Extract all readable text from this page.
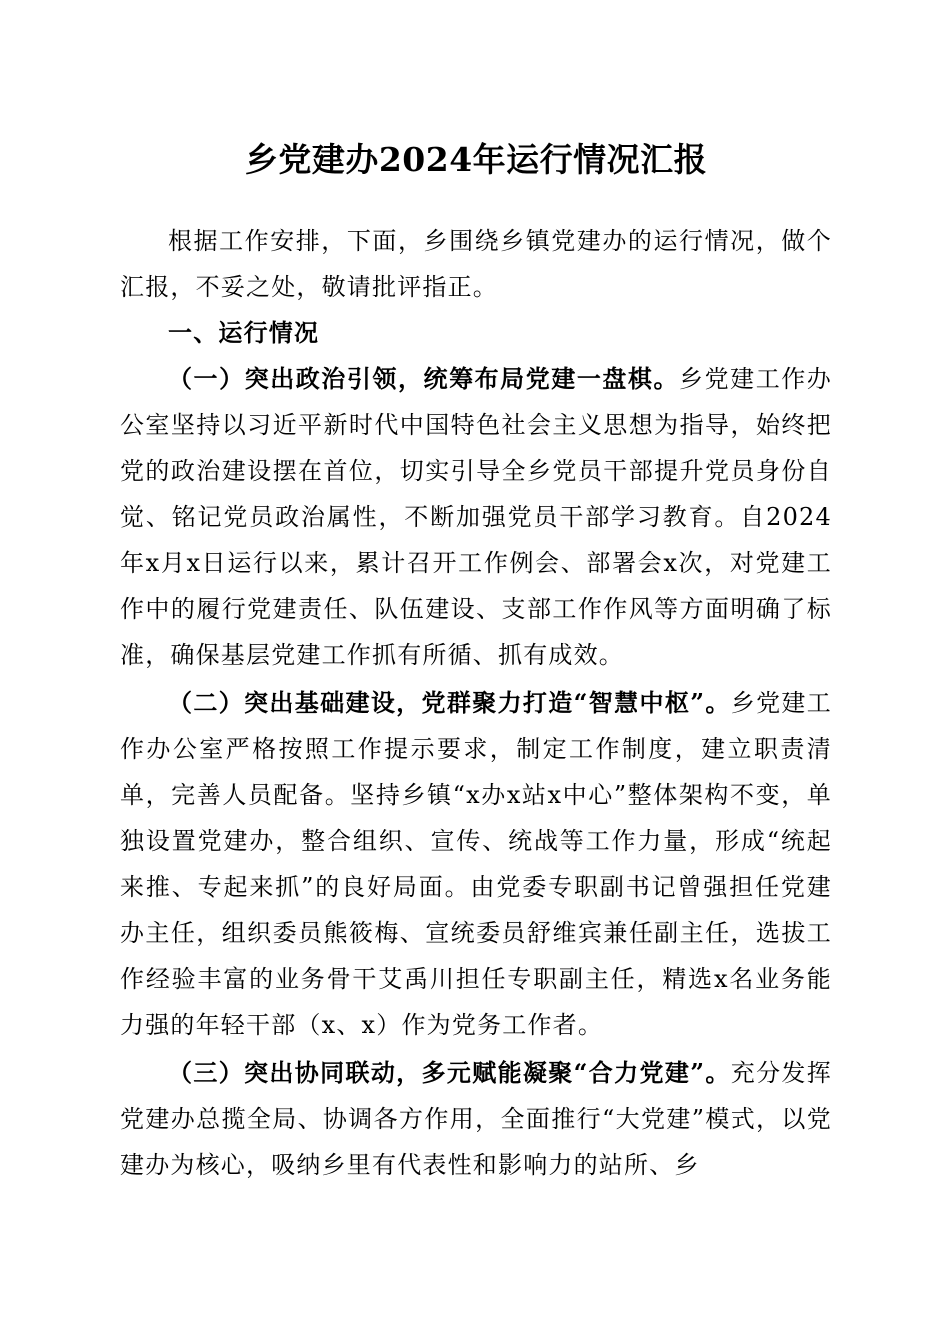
乡党建办2024年运行情况汇报

根据工作安排，下面，乡围绕乡镇党建办的运行情况，做个汇报，不妥之处，敬请批评指正。

一、运行情况

（一）突出政治引领，统筹布局党建一盘棋。乡党建工作办公室坚持以习近平新时代中国特色社会主义思想为指导，始终把党的政治建设摆在首位，切实引导全乡党员干部提升党员身份自觉、铭记党员政治属性，不断加强党员干部学习教育。自2024年x月x日运行以来，累计召开工作例会、部署会x次，对党建工作中的履行党建责任、队伍建设、支部工作作风等方面明确了标准，确保基层党建工作抓有所循、抓有成效。

（二）突出基础建设，党群聚力打造“智慧中枢”。乡党建工作办公室严格按照工作提示要求，制定工作制度，建立职责清单，完善人员配备。坚持乡镇“x办x站x中心”整体架构不变，单独设置党建办，整合组织、宣传、统战等工作力量，形成“统起来推、专起来抓”的良好局面。由党委专职副书记曾强担任党建办主任，组织委员熊筱梅、宣统委员舒维宾兼任副主任，选拔工作经验丰富的业务骨干艾禹川担任专职副主任，精选x名业务能力强的年轻干部（x、x）作为党务工作者。

（三）突出协同联动，多元赋能凝聚“合力党建”。充分发挥党建办总揽全局、协调各方作用，全面推行“大党建”模式，以党建办为核心，吸纳乡里有代表性和影响力的站所、乡
